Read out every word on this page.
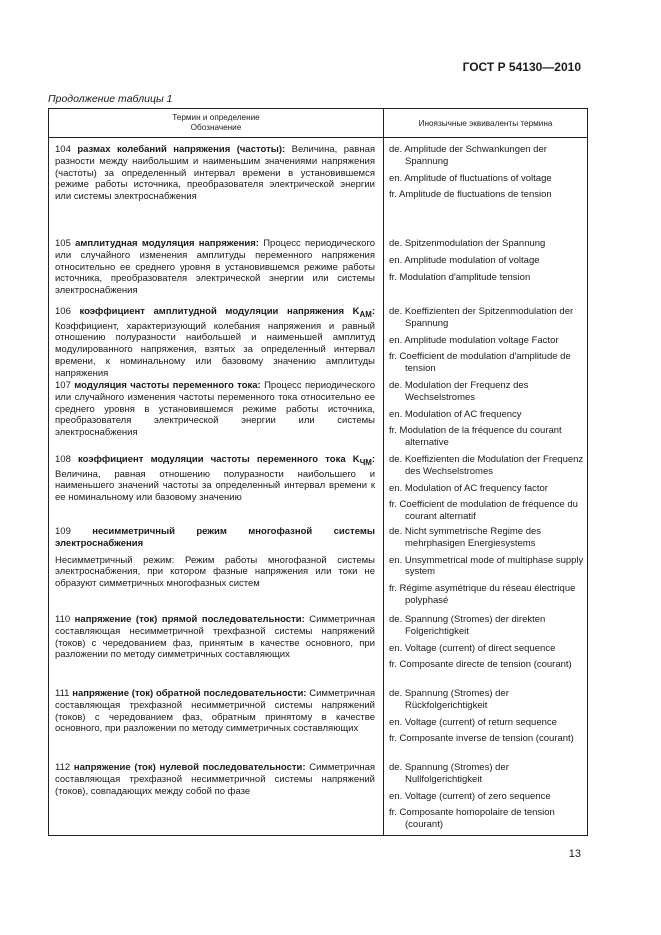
ГОСТ Р 54130—2010
Продолжение таблицы 1
Термин и определение
Обозначение	Иноязычные эквиваленты термина

104 размах колебаний напряжения (частоты): Величина, равная разности между наибольшим и наименьшим значениями напряжения (частоты) за определенный интервал времени в установившемся режиме работы источника, преобразователя электрической энергии или системы электроснабжения

de. Amplitude der Schwankungen der Spannung
en. Amplitude of fluctuations of voltage
fr. Amplitude de fluctuations de tension

105 амплитудная модуляция напряжения: Процесс периодического или случайного изменения амплитуды переменного напряжения относительно ее среднего уровня в установившемся режиме работы источника, преобразователя электрической энергии или системы электроснабжения

de. Spitzenmodulation der Spannung
en. Amplitude modulation of voltage
fr. Modulation d'amplitude tension

106 коэффициент амплитудной модуляции напряжения $K_{AM}$: Коэффициент, характеризующий колебания напряжения и равный отношению полуразности наибольшей и наименьшей амплитуд модулированного напряжения, взятых за определенный интервал времени, к номинальному или базовому значению амплитуды напряжения

de. Koeffizienten der Spitzenmodulation der Spannung
en. Amplitude modulation voltage Factor
fr. Coefficient de modulation d'amplitude de tension

107 модуляция частоты переменного тока: Процесс периодического или случайного изменения частоты переменного тока относительно ее среднего уровня в установившемся режиме работы источника, преобразователя электрической энергии или системы электроснабжения

de. Modulation der Frequenz des Wechselstromes
en. Modulation of AC frequency
fr. Modulation de la fréquence du courant alternative

108 коэффициент модуляции частоты переменного тока $K_{ЧМ}$: Величина, равная отношению полуразности наибольшего и наименьшего значений частоты за определенный интервал времени к ее номинальному или базовому значению

de. Koeffizienten die Modulation der Frequenz des Wechselstromes
en. Modulation of AC frequency factor
fr. Coefficient de modulation de fréquence du courant alternatif

109 несимметричный режим многофазной системы электроснабжения

Несимметричный режим: Режим работы многофазной системы электроснабжения, при котором фазные напряжения или токи не образуют симметричных многофазных систем

de. Nicht symmetrische Regime des mehrphasigen Energiesystems
en. Unsymmetrical mode of multiphase supply system
fr. Régime asymétrique du réseau électrique polyphasé

110 напряжение (ток) прямой последовательности: Симметричная составляющая несимметричной трехфазной системы напряжений (токов) с чередованием фаз, принятым в качестве основного, при разложении по методу симметричных составляющих

de. Spannung (Stromes) der direkten Folgerichtigkeit
en. Voltage (current) of direct sequence
fr. Composante directe de tension (courant)

111 напряжение (ток) обратной последовательности: Симметричная составляющая трехфазной несимметричной системы напряжений (токов) с чередованием фаз, обратным принятому в качестве основного, при разложении по методу симметричных составляющих

de. Spannung (Stromes) der Rückfolgerichtigkeit
en. Voltage (current) of return sequence
fr. Composante inverse de tension (courant)

112 напряжение (ток) нулевой последовательности: Симметричная составляющая трехфазной несимметричной системы напряжений (токов), совпадающих между собой по фазе

de. Spannung (Stromes) der Nullfolgerichtigkeit
en. Voltage (current) of zero sequence
fr. Composante homopolaire de tension (courant)
13
